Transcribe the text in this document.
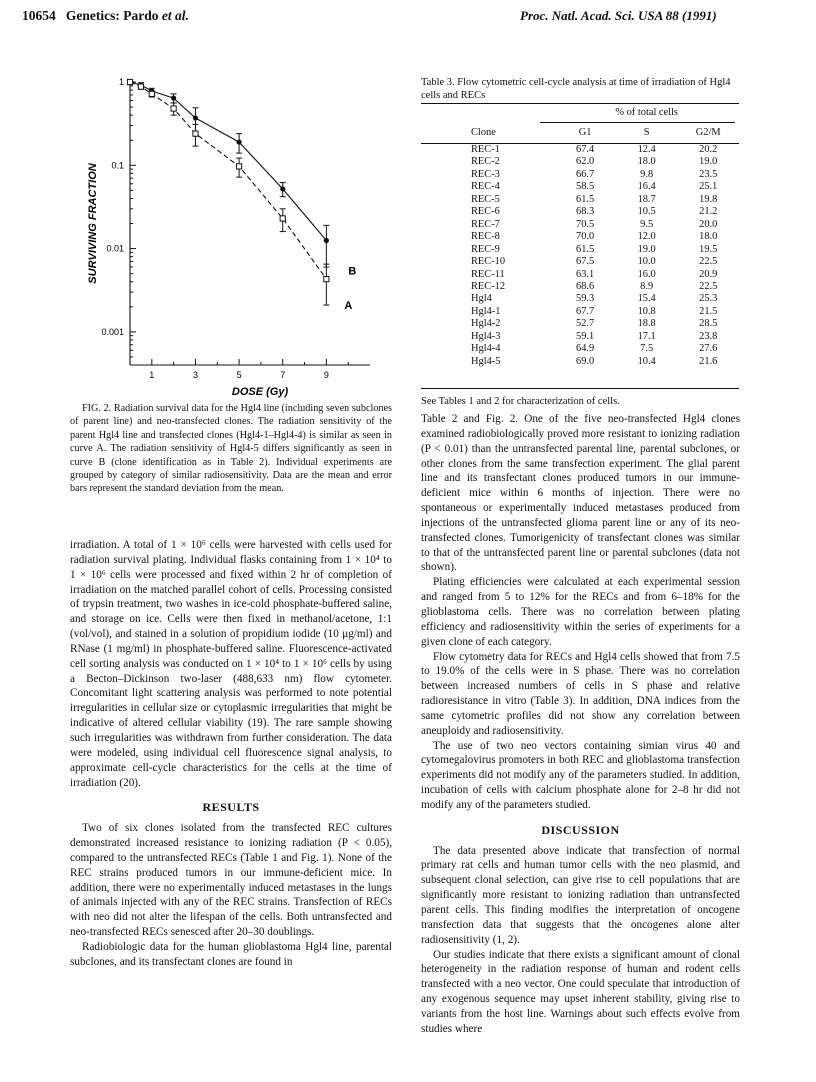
10654 Genetics: Pardo et al.	Proc. Natl. Acad. Sci. USA 88 (1991)
1	3	5	7	9
1
0.1
0.01
0.001
DOSE (Gy)
SURVIVING FRACTION	B
A

FIG. 2. Radiation survival data for the Hgl4 line (including seven subclones of parent line) and neo-transfected clones. The radiation sensitivity of the parent Hgl4 line and transfected clones (Hgl4-1–Hgl4-4) is similar as seen in curve A. The radiation sensitivity of Hgl4-5 differs significantly as seen in curve B (clone identification as in Table 2). Individual experiments are grouped by category of similar radiosensitivity. Data are the mean and error bars represent the standard deviation from the mean.

irradiation. A total of 1 × 10⁶ cells were harvested with cells used for radiation survival plating. Individual flasks containing from 1 × 10⁴ to 1 × 10⁶ cells were processed and fixed within 2 hr of completion of irradiation on the matched parallel cohort of cells. Processing consisted of trypsin treatment, two washes in ice-cold phosphate-buffered saline, and storage on ice. Cells were then fixed in methanol/acetone, 1:1 (vol/vol), and stained in a solution of propidium iodide (10 μg/ml) and RNase (1 mg/ml) in phosphate-buffered saline. Fluorescence-activated cell sorting analysis was conducted on 1 × 10⁴ to 1 × 10⁶ cells by using a Becton–Dickinson two-laser (488,633 nm) flow cytometer. Concomitant light scattering analysis was performed to note potential irregularities in cellular size or cytoplasmic irregularities that might be indicative of altered cellular viability (19). The rare sample showing such irregularities was withdrawn from further consideration. The data were modeled, using individual cell fluorescence signal analysis, to approximate cell-cycle characteristics for the cells at the time of irradiation (20).

RESULTS

Two of six clones isolated from the transfected REC cultures demonstrated increased resistance to ionizing radiation (P < 0.05), compared to the untransfected RECs (Table 1 and Fig. 1). None of the REC strains produced tumors in our immune-deficient mice. In addition, there were no experimentally induced metastases in the lungs of animals injected with any of the REC strains. Transfection of RECs with neo did not alter the lifespan of the cells. Both untransfected and neo-transfected RECs senesced after 20–30 doublings.

Radiobiologic data for the human glioblastoma Hgl4 line, parental subclones, and its transfectant clones are found in

Table 3. Flow cytometric cell-cycle analysis at time of irradiation of Hgl4 cells and RECs
	% of total cells		
Clone	G1	S	G2/M
REC-1	67.4	12.4	20.2
REC-2	62.0	18.0	19.0
REC-3	66.7	9.8	23.5
REC-4	58.5	16.4	25.1
REC-5	61.5	18.7	19.8
REC-6	68.3	10.5	21.2
REC-7	70.5	9.5	20.0
REC-8	70.0	12.0	18.0
REC-9	61.5	19.0	19.5
REC-10	67.5	10.0	22.5
REC-11	63.1	16.0	20.9
REC-12	68.6	8.9	22.5
Hgl4	59.3	15.4	25.3
Hgl4-1	67.7	10.8	21.5
Hgl4-2	52.7	18.8	28.5
Hgl4-3	59.1	17.1	23.8
Hgl4-4	64.9	7.5	27.6
Hgl4-5	69.0	10.4	21.6
See Tables 1 and 2 for characterization of cells.

Table 2 and Fig. 2. One of the five neo-transfected Hgl4 clones examined radiobiologically proved more resistant to ionizing radiation (P < 0.01) than the untransfected parental line, parental subclones, or other clones from the same transfection experiment. The glial parent line and its transfectant clones produced tumors in our immune-deficient mice within 6 months of injection. There were no spontaneous or experimentally induced metastases produced from injections of the untransfected glioma parent line or any of its neo-transfected clones. Tumorigenicity of transfectant clones was similar to that of the untransfected parent line or parental subclones (data not shown).

Plating efficiencies were calculated at each experimental session and ranged from 5 to 12% for the RECs and from 6–18% for the glioblastoma cells. There was no correlation between plating efficiency and radiosensitivity within the series of experiments for a given clone of each category.

Flow cytometry data for RECs and Hgl4 cells showed that from 7.5 to 19.0% of the cells were in S phase. There was no correlation between increased numbers of cells in S phase and relative radioresistance in vitro (Table 3). In addition, DNA indices from the same cytometric profiles did not show any correlation between aneuploidy and radiosensitivity.

The use of two neo vectors containing simian virus 40 and cytomegalovirus promoters in both REC and glioblastoma transfection experiments did not modify any of the parameters studied. In addition, incubation of cells with calcium phosphate alone for 2–8 hr did not modify any of the parameters studied.

DISCUSSION

The data presented above indicate that transfection of normal primary rat cells and human tumor cells with the neo plasmid, and subsequent clonal selection, can give rise to cell populations that are significantly more resistant to ionizing radiation than untransfected parent cells. This finding modifies the interpretation of oncogene transfection data that suggests that the oncogenes alone alter radiosensitivity (1, 2).

Our studies indicate that there exists a significant amount of clonal heterogeneity in the radiation response of human and rodent cells transfected with a neo vector. One could speculate that introduction of any exogenous sequence may upset inherent stability, giving rise to variants from the host line. Warnings about such effects evolve from studies where
